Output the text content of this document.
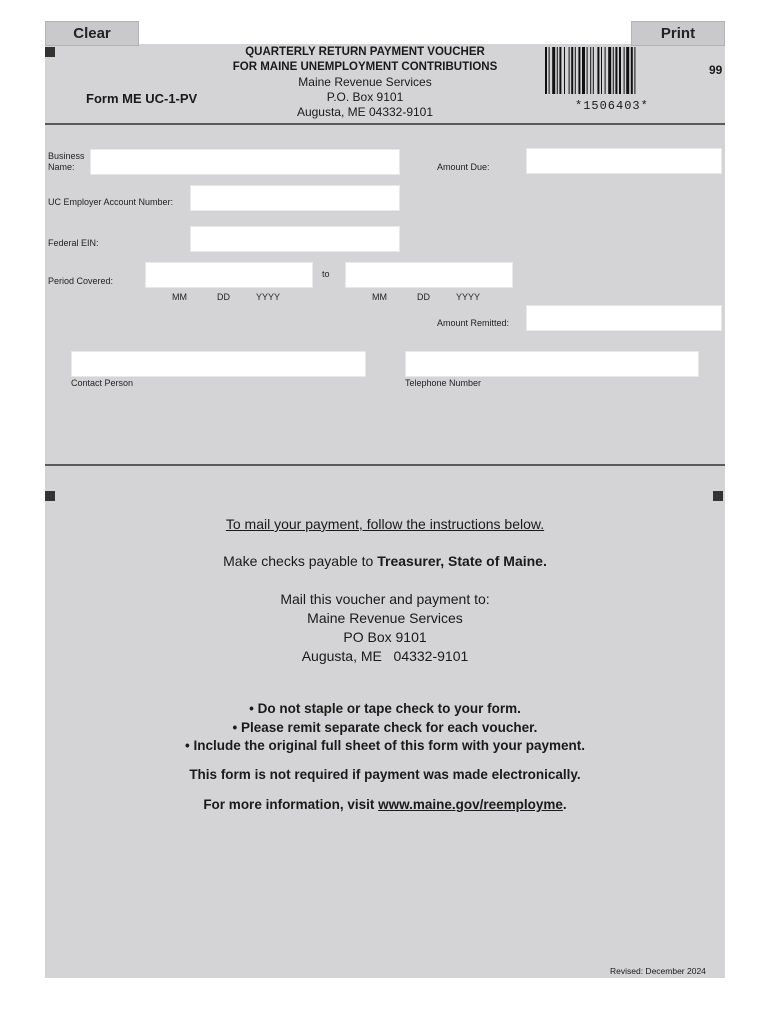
Clear	Print
QUARTERLY RETURN PAYMENT VOUCHER
FOR MAINE UNEMPLOYMENT CONTRIBUTIONS
Maine Revenue Services
P.O. Box 9101
Augusta, ME 04332-9101
Form ME UC-1-PV
99
*1506403*
Business
Name:	Amount Due:
UC Employer Account Number:
Federal EIN:
Period Covered:
to
MM	DD	YYYY	MM	DD	YYYY
Amount Remitted:
Contact Person	Telephone Number
To mail your payment, follow the instructions below.
Make checks payable to Treasurer, State of Maine.
Mail this voucher and payment to:
Maine Revenue Services
PO Box 9101
Augusta, ME   04332-9101
• Do not staple or tape check to your form.
• Please remit separate check for each voucher.
• Include the original full sheet of this form with your payment.
This form is not required if payment was made electronically.
For more information, visit www.maine.gov/reemployme.
Revised: December 2024
